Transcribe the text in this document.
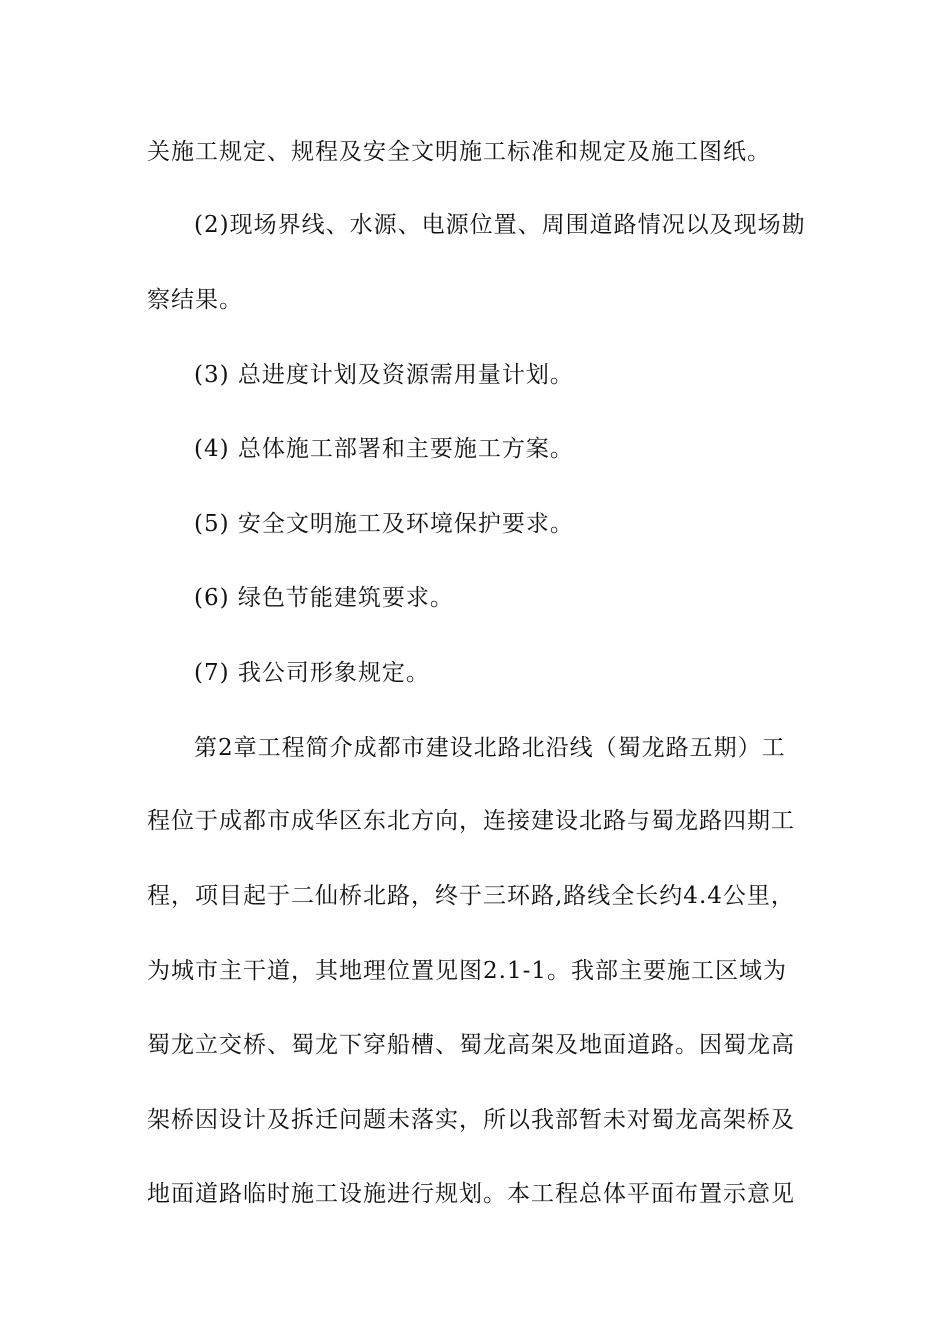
关施工规定、规程及安全文明施工标准和规定及施工图纸。
(2)现场界线、水源、电源位置、周围道路情况以及现场勘
察结果。
(3) 总进度计划及资源需用量计划。
(4) 总体施工部署和主要施工方案。
(5) 安全文明施工及环境保护要求。
(6) 绿色节能建筑要求。
(7) 我公司形象规定。
第2章工程简介成都市建设北路北沿线（蜀龙路五期）工
程位于成都市成华区东北方向，连接建设北路与蜀龙路四期工
程，项目起于二仙桥北路，终于三环路,路线全长约4.4公里，
为城市主干道，其地理位置见图2.1-1。我部主要施工区域为
蜀龙立交桥、蜀龙下穿船槽、蜀龙高架及地面道路。因蜀龙高
架桥因设计及拆迁问题未落实，所以我部暂未对蜀龙高架桥及
地面道路临时施工设施进行规划。本工程总体平面布置示意见
